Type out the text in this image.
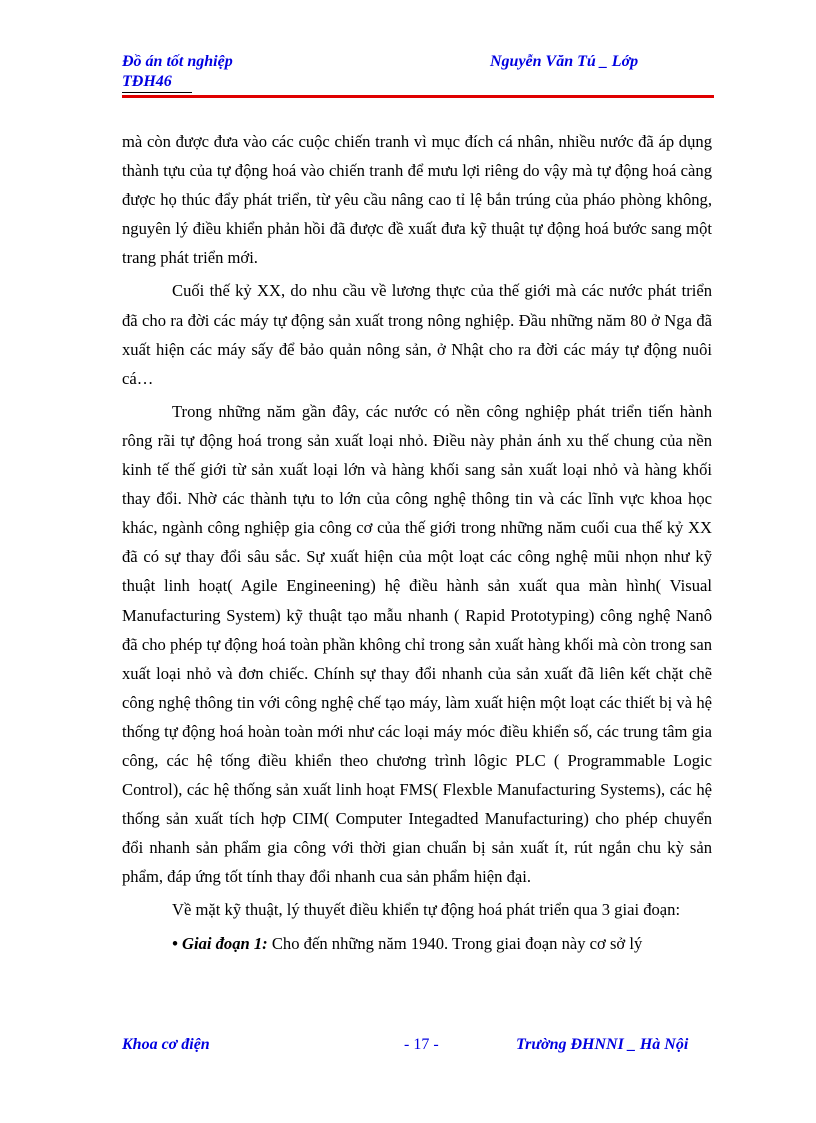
Đồ án tốt nghiệp	Nguyễn Văn Tú _ Lớp
TĐH46

mà còn được đưa vào các cuộc chiến tranh vì mục đích cá nhân, nhiều nước đã áp dụng thành tựu của tự động hoá vào chiến tranh để mưu lợi riêng do vậy mà tự động hoá càng được họ thúc đẩy phát triển, từ yêu cầu nâng cao tỉ lệ bắn trúng của pháo phòng không, nguyên lý điều khiển phản hồi đã được đề xuất đưa kỹ thuật tự động hoá bước sang một trang phát triển mới.

Cuối thế kỷ XX, do nhu cầu về lương thực của thế giới mà các nước phát triển đã cho ra đời các máy tự động sản xuất trong nông nghiệp. Đầu những năm 80 ở Nga đã xuất hiện các máy sấy để bảo quản nông sản, ở Nhật cho ra đời các máy tự động nuôi cá…

Trong những năm gần đây, các nước có nền công nghiệp phát triển tiến hành rông rãi tự động hoá trong sản xuất loại nhỏ. Điều này phản ánh xu thế chung của nền kinh tế thế giới từ sản xuất loại lớn và hàng khối sang sản xuất loại nhỏ và hàng khối thay đổi. Nhờ các thành tựu to lớn của công nghệ thông tin và các lĩnh vực khoa học khác, ngành công nghiệp gia công cơ của thế giới trong những năm cuối cua thế kỷ XX đã có sự thay đổi sâu sắc. Sự xuất hiện của một loạt các công nghệ mũi nhọn như kỹ thuật linh hoạt( Agile Engineening) hệ điều hành sản xuất qua màn hình( Visual Manufacturing System) kỹ thuật tạo mẫu nhanh ( Rapid Prototyping) công nghệ Nanô đã cho phép tự động hoá toàn phần không chỉ trong sản xuất hàng khối mà còn trong san xuất loại nhỏ và đơn chiếc. Chính sự thay đổi nhanh của sản xuất đã liên kết chặt chẽ công nghệ thông tin với công nghệ chế tạo máy, làm xuất hiện một loạt các thiết bị và hệ thống tự động hoá hoàn toàn mới như các loại máy móc điều khiển số, các trung tâm gia công, các hệ tống điều khiển theo chương trình lôgic PLC ( Programmable Logic Control), các hệ thống sản xuất linh hoạt FMS( Flexble Manufacturing Systems), các hệ thống sản xuất tích hợp CIM( Computer Integadted Manufacturing) cho phép chuyển đổi nhanh sản phẩm gia công với thời gian chuẩn bị sản xuất ít, rút ngắn chu kỳ sản phẩm, đáp ứng tốt tính thay đổi nhanh cua sản phẩm hiện đại.

Về mặt kỹ thuật, lý thuyết điều khiển tự động hoá phát triển qua 3 giai đoạn:

• Giai đoạn 1: Cho đến những năm 1940. Trong giai đoạn này cơ sở lý

Khoa cơ điện	- 17 -	Trường ĐHNNI _ Hà Nội
